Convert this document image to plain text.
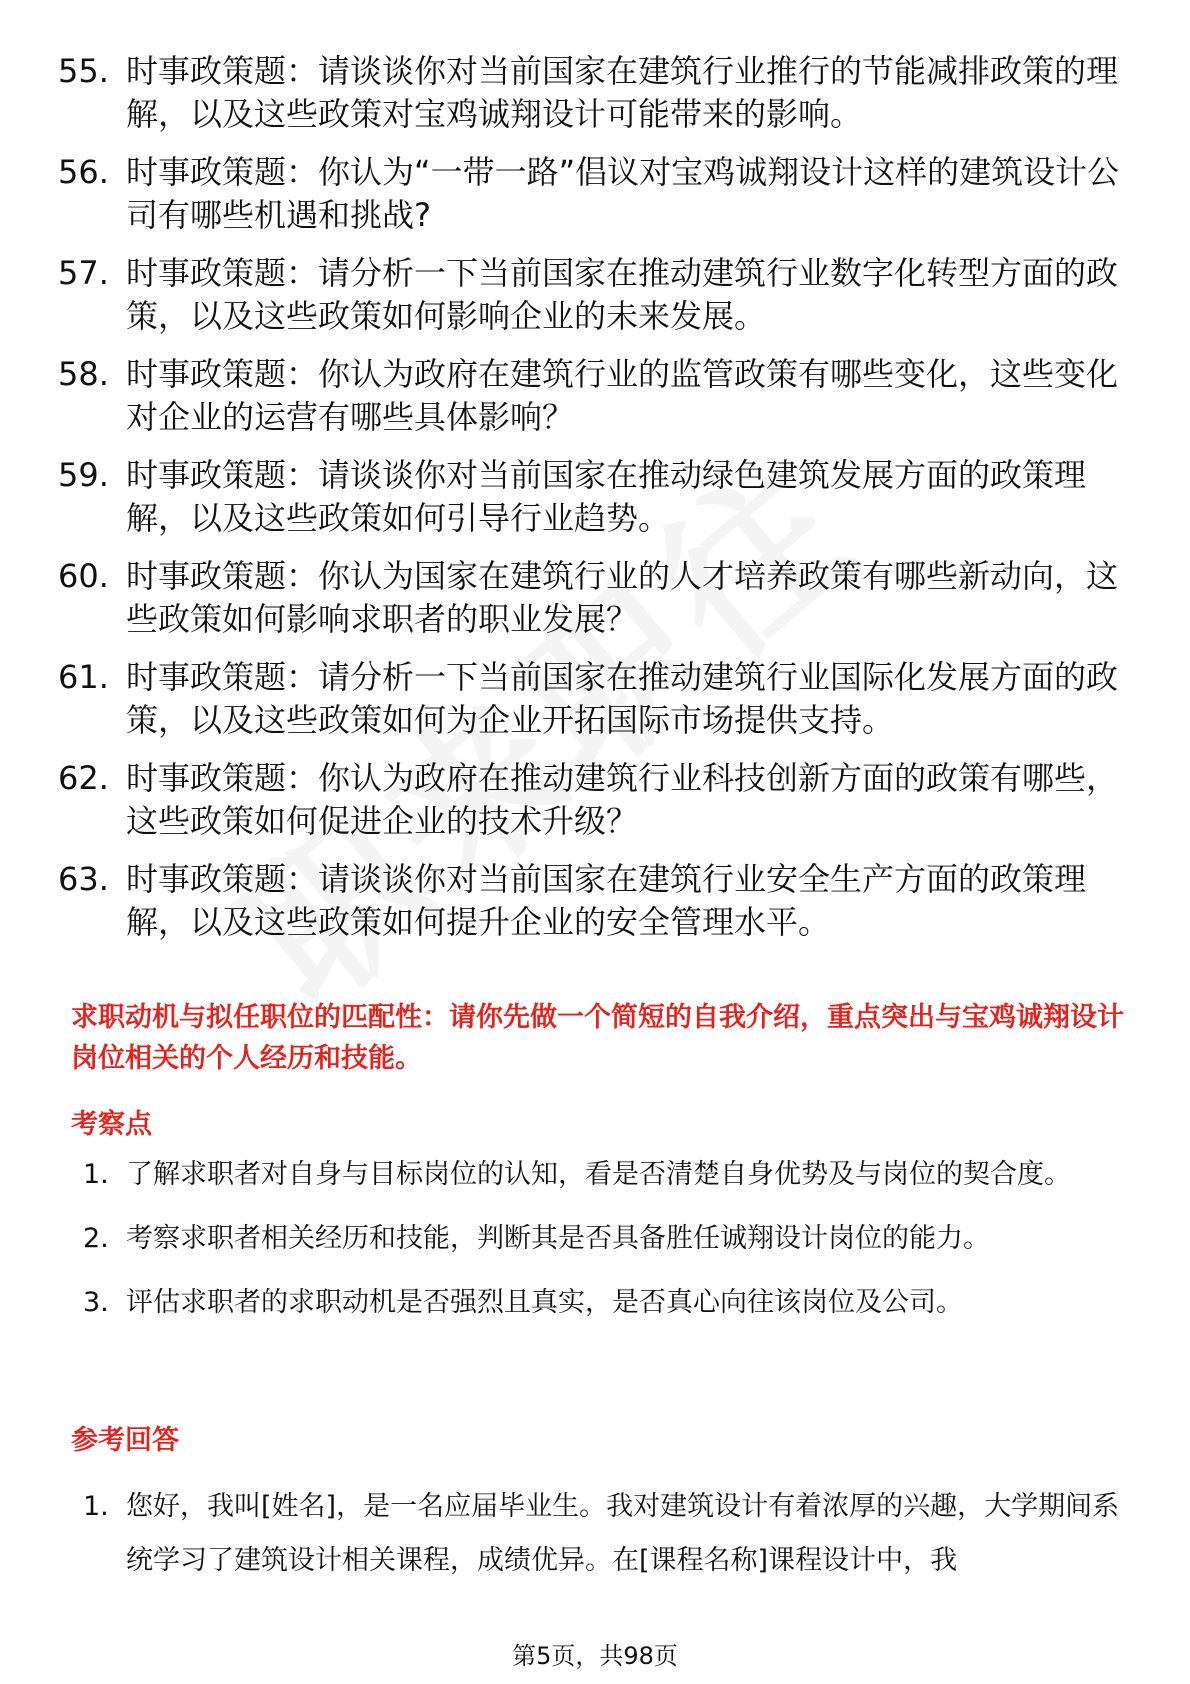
55. 时事政策题：请谈谈你对当前国家在建筑行业推行的节能减排政策的理解，以及这些政策对宝鸡诚翔设计可能带来的影响。
56. 时事政策题：你认为“一带一路”倡议对宝鸡诚翔设计这样的建筑设计公司有哪些机遇和挑战?
57. 时事政策题：请分析一下当前国家在推动建筑行业数字化转型方面的政策，以及这些政策如何影响企业的未来发展。
58. 时事政策题：你认为政府在建筑行业的监管政策有哪些变化，这些变化对企业的运营有哪些具体影响？
59. 时事政策题：请谈谈你对当前国家在推动绿色建筑发展方面的政策理解，以及这些政策如何引导行业趋势。
60. 时事政策题：你认为国家在建筑行业的人才培养政策有哪些新动向，这些政策如何影响求职者的职业发展？
61. 时事政策题：请分析一下当前国家在推动建筑行业国际化发展方面的政策，以及这些政策如何为企业开拓国际市场提供支持。
62. 时事政策题：你认为政府在推动建筑行业科技创新方面的政策有哪些，这些政策如何促进企业的技术升级？
63. 时事政策题：请谈谈你对当前国家在建筑行业安全生产方面的政策理解，以及这些政策如何提升企业的安全管理水平。
求职动机与拟任职位的匹配性：请你先做一个简短的自我介绍，重点突出与宝鸡诚翔设计岗位相关的个人经历和技能。
考察点
1. 了解求职者对自身与目标岗位的认知，看是否清楚自身优势及与岗位的契合度。
2. 考察求职者相关经历和技能，判断其是否具备胜任诚翔设计岗位的能力。
3. 评估求职者的求职动机是否强烈且真实，是否真心向往该岗位及公司。
参考回答
1. 您好，我叫[姓名]，是一名应届毕业生。我对建筑设计有着浓厚的兴趣，大学期间系统学习了建筑设计相关课程，成绩优异。在[课程名称]课程设计中，我
第5页，共98页
